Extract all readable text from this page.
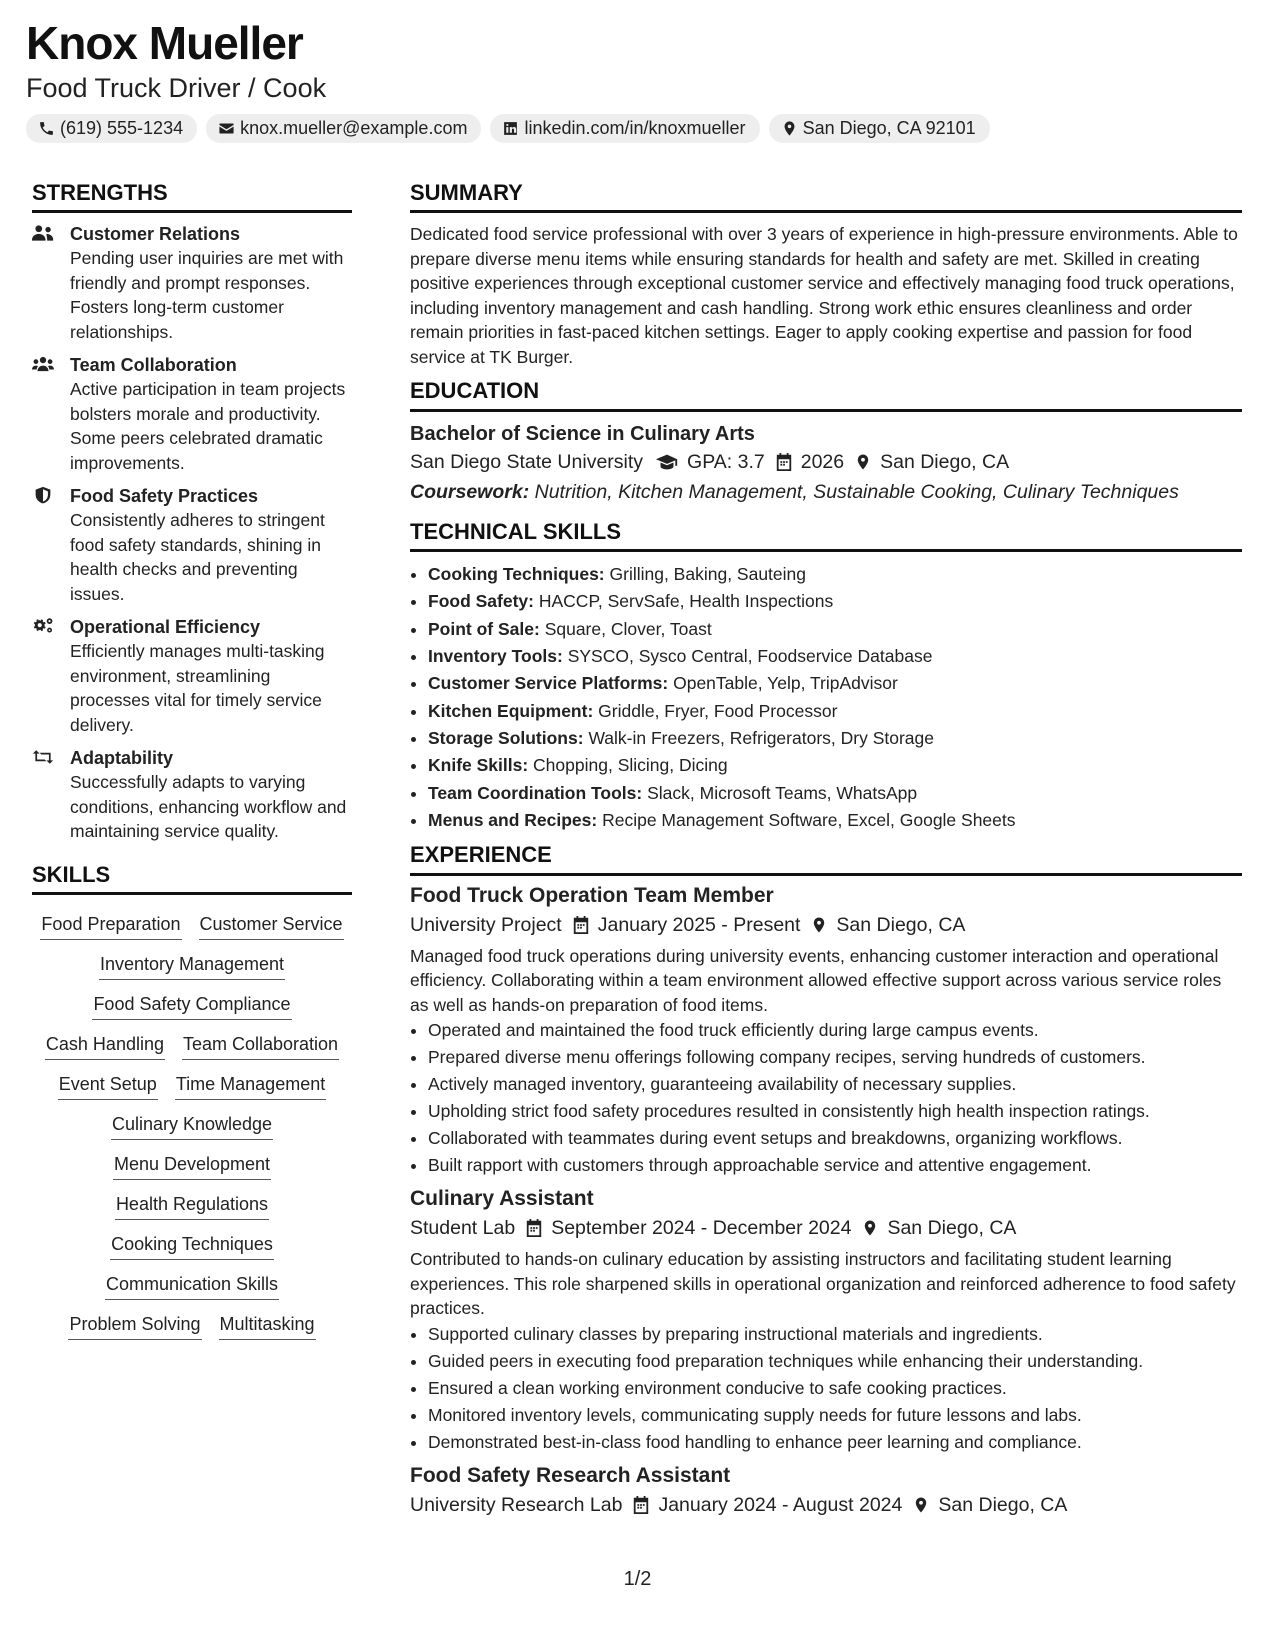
Knox Mueller
Food Truck Driver / Cook
(619) 555-1234	knox.mueller@example.com	linkedin.com/in/knoxmueller	San Diego, CA 92101
STRENGTHS
Customer Relations
Pending user inquiries are met with friendly and prompt responses. Fosters long-term customer relationships.
Team Collaboration
Active participation in team projects bolsters morale and productivity. Some peers celebrated dramatic improvements.
Food Safety Practices
Consistently adheres to stringent food safety standards, shining in health checks and preventing issues.
Operational Efficiency
Efficiently manages multi-tasking environment, streamlining processes vital for timely service delivery.
Adaptability
Successfully adapts to varying conditions, enhancing workflow and maintaining service quality.
SKILLS
Food Preparation Customer Service
Inventory Management
Food Safety Compliance
Cash Handling Team Collaboration
Event Setup Time Management
Culinary Knowledge
Menu Development
Health Regulations
Cooking Techniques
Communication Skills
Problem Solving Multitasking
SUMMARY
Dedicated food service professional with over 3 years of experience in high-pressure environments. Able to prepare diverse menu items while ensuring standards for health and safety are met. Skilled in creating positive experiences through exceptional customer service and effectively managing food truck operations, including inventory management and cash handling. Strong work ethic ensures cleanliness and order remain priorities in fast-paced kitchen settings. Eager to apply cooking expertise and passion for food service at TK Burger.
EDUCATION
Bachelor of Science in Culinary Arts
San Diego State University GPA: 3.7 2026 San Diego, CA
Coursework: Nutrition, Kitchen Management, Sustainable Cooking, Culinary Techniques
TECHNICAL SKILLS
• Cooking Techniques: Grilling, Baking, Sauteing
• Food Safety: HACCP, ServSafe, Health Inspections
• Point of Sale: Square, Clover, Toast
• Inventory Tools: SYSCO, Sysco Central, Foodservice Database
• Customer Service Platforms: OpenTable, Yelp, TripAdvisor
• Kitchen Equipment: Griddle, Fryer, Food Processor
• Storage Solutions: Walk-in Freezers, Refrigerators, Dry Storage
• Knife Skills: Chopping, Slicing, Dicing
• Team Coordination Tools: Slack, Microsoft Teams, WhatsApp
• Menus and Recipes: Recipe Management Software, Excel, Google Sheets
EXPERIENCE
Food Truck Operation Team Member
University Project January 2025 - Present San Diego, CA
Managed food truck operations during university events, enhancing customer interaction and operational efficiency. Collaborating within a team environment allowed effective support across various service roles as well as hands-on preparation of food items.
• Operated and maintained the food truck efficiently during large campus events.
• Prepared diverse menu offerings following company recipes, serving hundreds of customers.
• Actively managed inventory, guaranteeing availability of necessary supplies.
• Upholding strict food safety procedures resulted in consistently high health inspection ratings.
• Collaborated with teammates during event setups and breakdowns, organizing workflows.
• Built rapport with customers through approachable service and attentive engagement.
Culinary Assistant
Student Lab September 2024 - December 2024 San Diego, CA
Contributed to hands-on culinary education by assisting instructors and facilitating student learning experiences. This role sharpened skills in operational organization and reinforced adherence to food safety practices.
• Supported culinary classes by preparing instructional materials and ingredients.
• Guided peers in executing food preparation techniques while enhancing their understanding.
• Ensured a clean working environment conducive to safe cooking practices.
• Monitored inventory levels, communicating supply needs for future lessons and labs.
• Demonstrated best-in-class food handling to enhance peer learning and compliance.
Food Safety Research Assistant
University Research Lab January 2024 - August 2024 San Diego, CA
1/2
